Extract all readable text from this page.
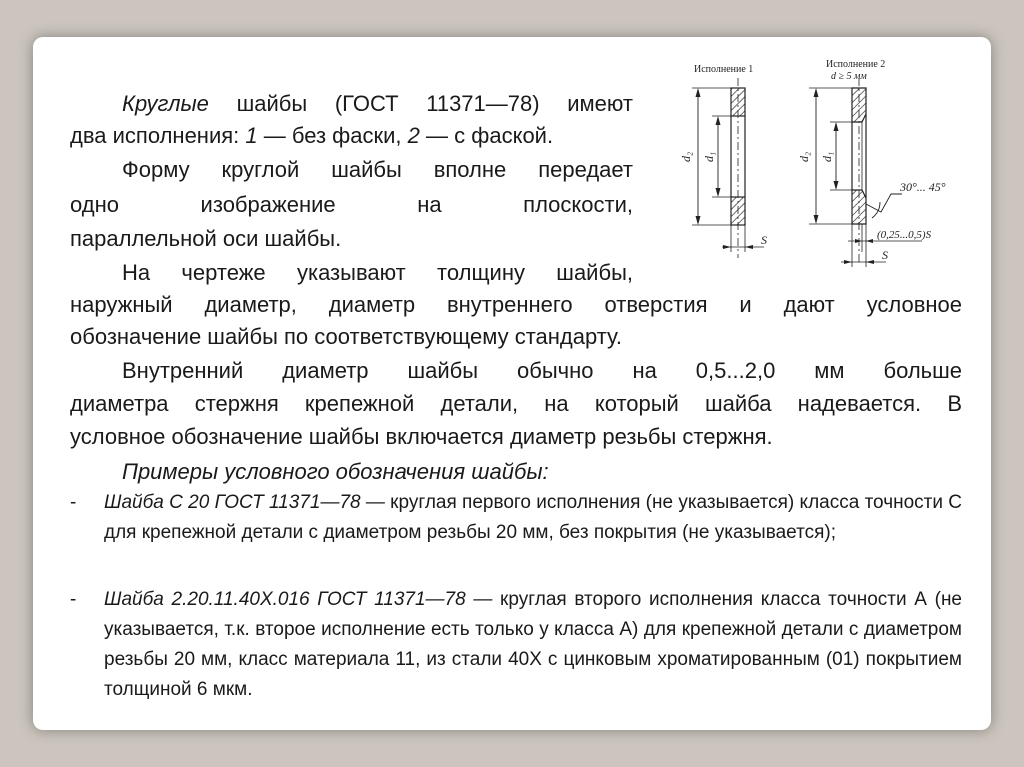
Круглые шайбы (ГОСТ 11371—78) имеют

два исполнения: 1 — без фаски, 2 — с фаской.

Форму круглой шайбы вполне передает

одно изображение на плоскости,

параллельной оси шайбы.

На чертеже указывают толщину шайбы,

наружный диаметр, диаметр внутреннего отверстия и дают условное

обозначение шайбы по соответствующему стандарту.

Внутренний диаметр шайбы обычно на 0,5...2,0 мм больше

диаметра стержня крепежной детали, на который шайба надевается. В

условное обозначение шайбы включается диаметр резьбы стержня.

Примеры условного обозначения шайбы:

- Шайба С 20 ГОСТ 11371—78 — круглая первого исполнения (не указывается) класса точности С для крепежной детали с диаметром резьбы 20 мм, без покрытия (не указывается);
- Шайба 2.20.11.40Х.016 ГОСТ 11371—78 — круглая второго исполнения класса точности А (не указывается, т.к. второе исполнение есть только у класса А) для крепежной детали с диаметром резьбы 20 мм, класс материала 11, из стали 40Х с цинковым хроматированным (01) покрытием толщиной 6 мкм.
Исполнение 1
d₂ d₁
S
Исполнение 2
d ≥ 5 мм
d₂ d₁
30°... 45°
(0,25...0,5)S
S
